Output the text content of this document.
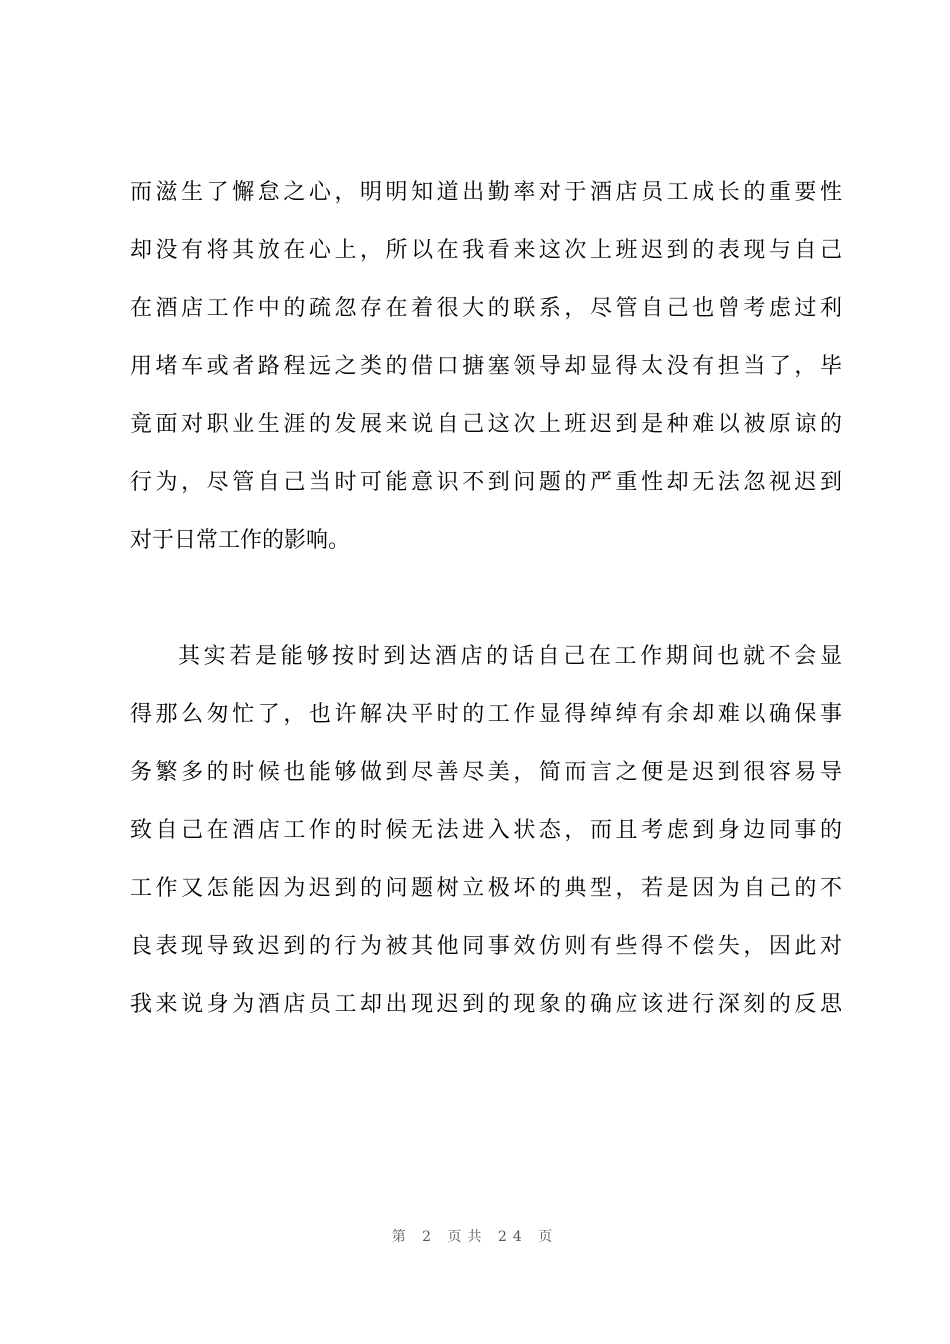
而滋生了懈怠之心，明明知道出勤率对于酒店员工成长的重要性
却没有将其放在心上，所以在我看来这次上班迟到的表现与自己
在酒店工作中的疏忽存在着很大的联系，尽管自己也曾考虑过利
用堵车或者路程远之类的借口搪塞领导却显得太没有担当了，毕
竟面对职业生涯的发展来说自己这次上班迟到是种难以被原谅的
行为，尽管自己当时可能意识不到问题的严重性却无法忽视迟到
对于日常工作的影响。
其实若是能够按时到达酒店的话自己在工作期间也就不会显
得那么匆忙了，也许解决平时的工作显得绰绰有余却难以确保事
务繁多的时候也能够做到尽善尽美，简而言之便是迟到很容易导
致自己在酒店工作的时候无法进入状态，而且考虑到身边同事的
工作又怎能因为迟到的问题树立极坏的典型，若是因为自己的不
良表现导致迟到的行为被其他同事效仿则有些得不偿失，因此对
我来说身为酒店员工却出现迟到的现象的确应该进行深刻的反思
第 2 页共 24 页
